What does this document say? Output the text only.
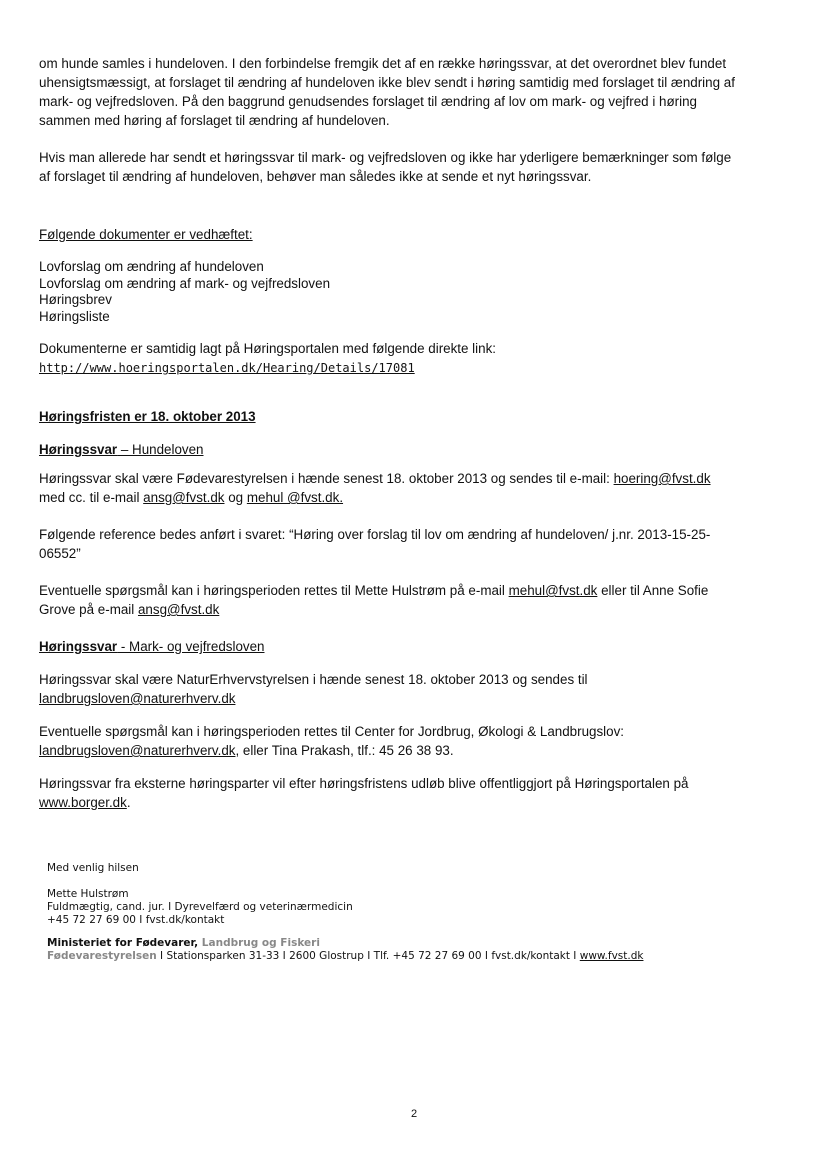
om hunde samles i hundeloven. I den forbindelse fremgik det af en række høringssvar, at det overordnet blev fundet

uhensigtsmæssigt, at forslaget til ændring af hundeloven ikke blev sendt i høring samtidig med forslaget til ændring af

mark- og vejfredsloven. På den baggrund genudsendes forslaget til ændring af lov om mark- og vejfred i høring

sammen med høring af forslaget til ændring af hundeloven.

Hvis man allerede har sendt et høringssvar til mark- og vejfredsloven og ikke har yderligere bemærkninger som følge

af forslaget til ændring af hundeloven, behøver man således ikke at sende et nyt høringssvar.

Følgende dokumenter er vedhæftet:

Lovforslag om ændring af hundeloven

Lovforslag om ændring af mark- og vejfredsloven

Høringsbrev

Høringsliste

Dokumenterne er samtidig lagt på Høringsportalen med følgende direkte link:

http://www.hoeringsportalen.dk/Hearing/Details/17081

Høringsfristen er 18. oktober 2013

Høringssvar – Hundeloven

Høringssvar skal være Fødevarestyrelsen i hænde senest 18. oktober 2013 og sendes til e-mail: hoering@fvst.dk

med cc. til e-mail ansg@fvst.dk og mehul @fvst.dk.

Følgende reference bedes anført i svaret: “Høring over forslag til lov om ændring af hundeloven/ j.nr. 2013-15-25-

06552”

Eventuelle spørgsmål kan i høringsperioden rettes til Mette Hulstrøm på e-mail mehul@fvst.dk eller til Anne Sofie

Grove på e-mail ansg@fvst.dk

Høringssvar - Mark- og vejfredsloven

Høringssvar skal være NaturErhvervstyrelsen i hænde senest 18. oktober 2013 og sendes til

landbrugsloven@naturerhverv.dk

Eventuelle spørgsmål kan i høringsperioden rettes til Center for Jordbrug, Økologi & Landbrugslov:

landbrugsloven@naturerhverv.dk, eller Tina Prakash, tlf.: 45 26 38 93.

Høringssvar fra eksterne høringsparter vil efter høringsfristens udløb blive offentliggjort på Høringsportalen på

www.borger.dk.

Med venlig hilsen

Mette Hulstrøm

Fuldmægtig, cand. jur. I Dyrevelfærd og veterinærmedicin

+45 72 27 69 00 I fvst.dk/kontakt

Ministeriet for Fødevarer, Landbrug og Fiskeri

Fødevarestyrelsen I Stationsparken 31-33 I 2600 Glostrup I Tlf. +45 72 27 69 00 I fvst.dk/kontakt I www.fvst.dk

2
